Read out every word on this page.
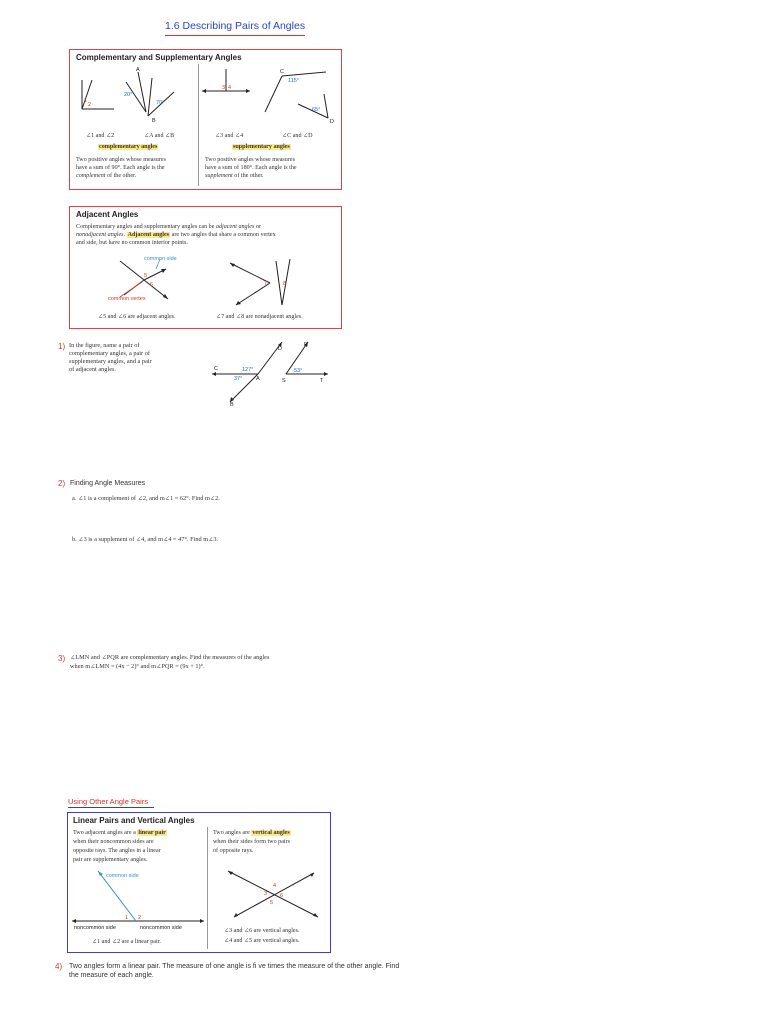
1.6 Describing Pairs of Angles
Complementary and Supplementary Angles
1
2
A
20°
B
70°
3 4
C
115°
D
65°
∠1 and ∠2	∠A and ∠B
complementary angles
Two positive angles whose measures
have a sum of 90°. Each angle is the
complement of the other.
∠3 and ∠4	∠C and ∠D
supplementary angles
Two positive angles whose measures
have a sum of 180°. Each angle is the
supplement of the other.
Adjacent Angles
Complementary angles and supplementary angles can be adjacent angles or
nonadjacent angles. Adjacent angles are two angles that share a common vertex
and side, but have no common interior points.
5
6
common side
common vertex
7	8
∠5 and ∠6 are adjacent angles.	∠7 and ∠8 are nonadjacent angles.
1) In the figure, name a pair of
complementary angles, a pair of
supplementary angles, and a pair
of adjacent angles.	C
A
B
D
127°
37°
R
S	T
53°
2) Finding Angle Measures
a. ∠1 is a complement of ∠2, and m∠1 = 62°. Find m∠2.
b. ∠3 is a supplement of ∠4, and m∠4 = 47°. Find m∠3.
3) ∠LMN and ∠PQR are complementary angles. Find the measures of the angles
when m∠LMN = (4x − 2)° and m∠PQR = (9x + 1)°.
Using Other Angle Pairs
Linear Pairs and Vertical Angles
Two adjacent angles are a linear pair
when their noncommon sides are
opposite rays. The angles in a linear
pair are supplementary angles.
1 2
common side
noncommon side	noncommon side
∠1 and ∠2 are a linear pair.
Two angles are vertical angles
when their sides form two pairs
of opposite rays.
3
4
5
6
∠3 and ∠6 are vertical angles.
∠4 and ∠5 are vertical angles.
4) Two angles form a linear pair. The measure of one angle is fi ve times the measure of the other angle. Find
the measure of each angle.
